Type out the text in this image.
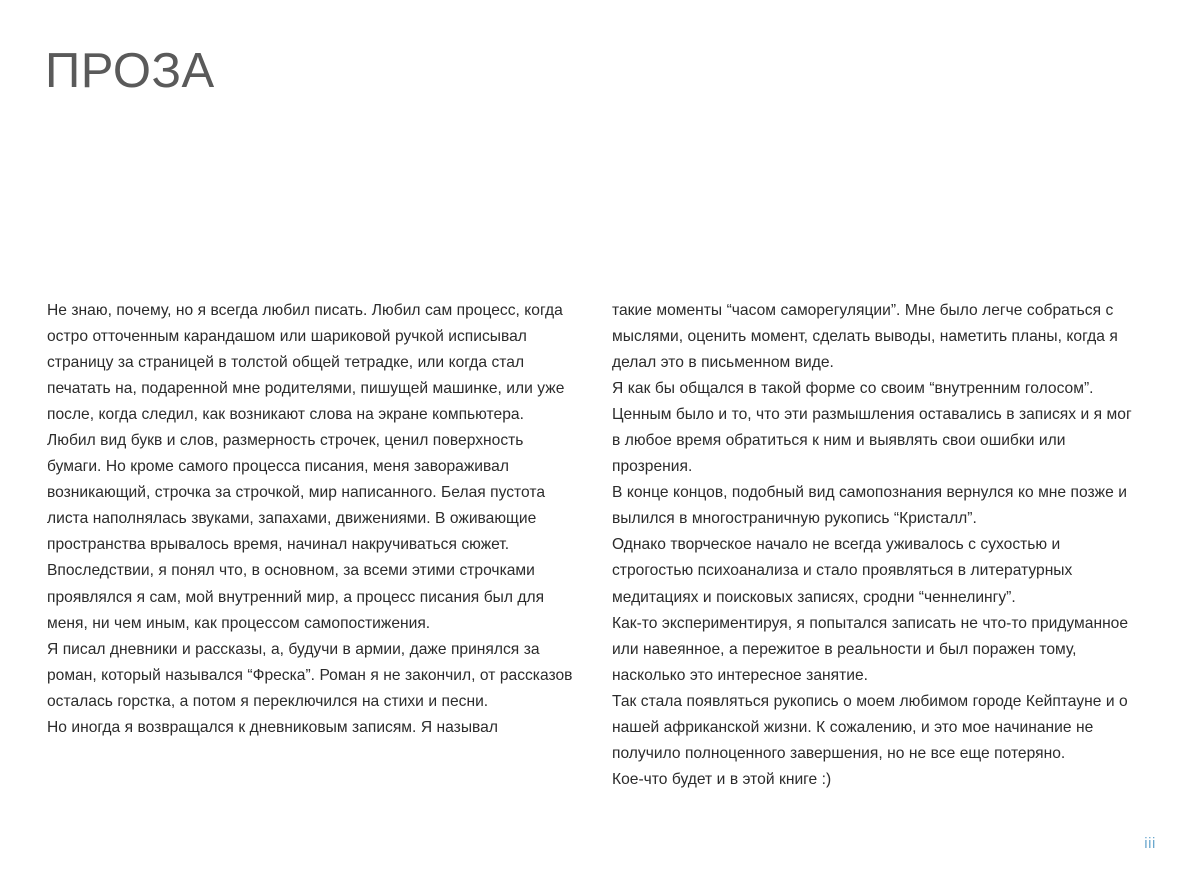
ПРОЗА

Не знаю, почему, но я всегда любил писать. Любил сам процесс, когда остро отточенным карандашом или шариковой ручкой исписывал страницу за страницей в толстой общей тетрадке, или когда стал печатать на, подаренной мне родителями, пишущей машинке, или уже после, когда следил, как возникают слова на экране компьютера. Любил вид букв и слов, размерность строчек, ценил поверхность бумаги. Но кроме самого процесса писания, меня завораживал возникающий, строчка за строчкой, мир написанного. Белая пустота листа наполнялась звуками, запахами, движениями. В оживающие пространства врывалось время, начинал накручиваться сюжет. Впоследствии, я понял что, в основном, за всеми этими строчками проявлялся я сам, мой внутренний мир, а процесс писания был для меня, ни чем иным, как процессом самопостижения.

Я писал дневники и рассказы, а, будучи в армии, даже принялся за роман, который назывался “Фреска”. Роман я не закончил, от рассказов осталась горстка, а потом я переключился на стихи и песни.

Но иногда я возвращался к дневниковым записям. Я называл

такие моменты “часом саморегуляции”. Мне было легче собраться с мыслями, оценить момент, сделать выводы, наметить планы, когда я делал это в письменном виде.

Я как бы общался в такой форме со своим “внутренним голосом”. Ценным было и то, что эти размышления оставались в записях и я мог в любое время обратиться к ним и выявлять свои ошибки или прозрения.

В конце концов, подобный вид самопознания вернулся ко мне позже и вылился в многостраничную рукопись “Кристалл”.

Однако творческое начало не всегда уживалось с сухостью и строгостью психоанализа и стало проявляться в литературных медитациях и поисковых записях, сродни “ченнелингу”.

Как-то экспериментируя, я попытался записать не что-то придуманное или навеянное, а пережитое в реальности и был поражен тому, насколько это интересное занятие.

Так стала появляться рукопись о моем любимом городе Кейптауне и о нашей африканской жизни. К сожалению, и это мое начинание не получило полноценного завершения, но не все еще потеряно.

Кое-что будет и в этой книге :)

iii
